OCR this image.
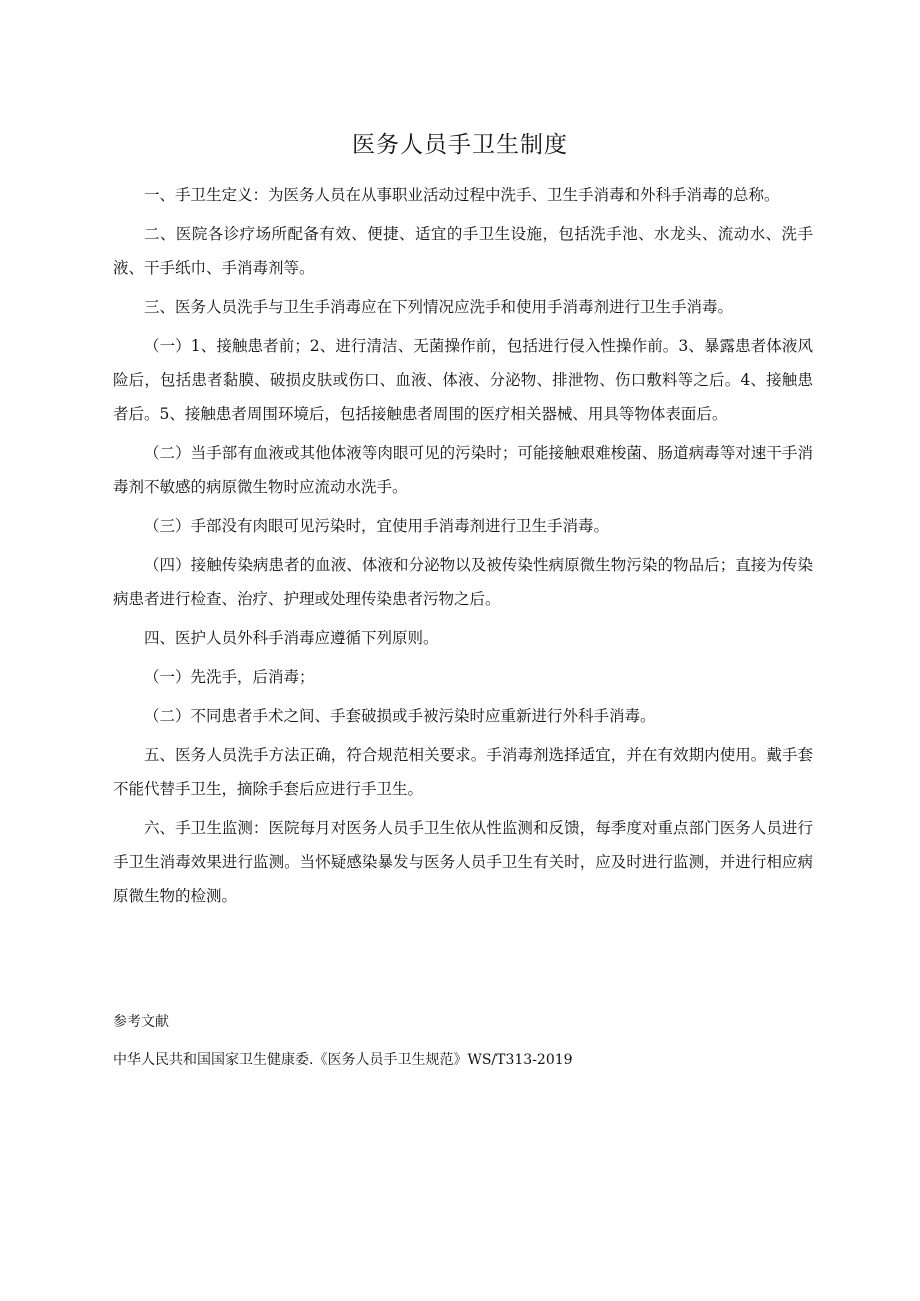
医务人员手卫生制度

一、手卫生定义：为医务人员在从事职业活动过程中洗手、卫生手消毒和外科手消毒的总称。

二、医院各诊疗场所配备有效、便捷、适宜的手卫生设施，包括洗手池、水龙头、流动水、洗手液、干手纸巾、手消毒剂等。

三、医务人员洗手与卫生手消毒应在下列情况应洗手和使用手消毒剂进行卫生手消毒。

（一）1、接触患者前；2、进行清洁、无菌操作前，包括进行侵入性操作前。3、暴露患者体液风险后，包括患者黏膜、破损皮肤或伤口、血液、体液、分泌物、排泄物、伤口敷料等之后。4、接触患者后。5、接触患者周围环境后，包括接触患者周围的医疗相关器械、用具等物体表面后。

（二）当手部有血液或其他体液等肉眼可见的污染时；可能接触艰难梭菌、肠道病毒等对速干手消毒剂不敏感的病原微生物时应流动水洗手。

（三）手部没有肉眼可见污染时，宜使用手消毒剂进行卫生手消毒。

（四）接触传染病患者的血液、体液和分泌物以及被传染性病原微生物污染的物品后；直接为传染病患者进行检查、治疗、护理或处理传染患者污物之后。

四、医护人员外科手消毒应遵循下列原则。

（一）先洗手，后消毒；

（二）不同患者手术之间、手套破损或手被污染时应重新进行外科手消毒。

五、医务人员洗手方法正确，符合规范相关要求。手消毒剂选择适宜，并在有效期内使用。戴手套不能代替手卫生，摘除手套后应进行手卫生。

六、手卫生监测：医院每月对医务人员手卫生依从性监测和反馈，每季度对重点部门医务人员进行手卫生消毒效果进行监测。当怀疑感染暴发与医务人员手卫生有关时，应及时进行监测，并进行相应病原微生物的检测。

参考文献

中华人民共和国国家卫生健康委.《医务人员手卫生规范》WS/T313-2019
